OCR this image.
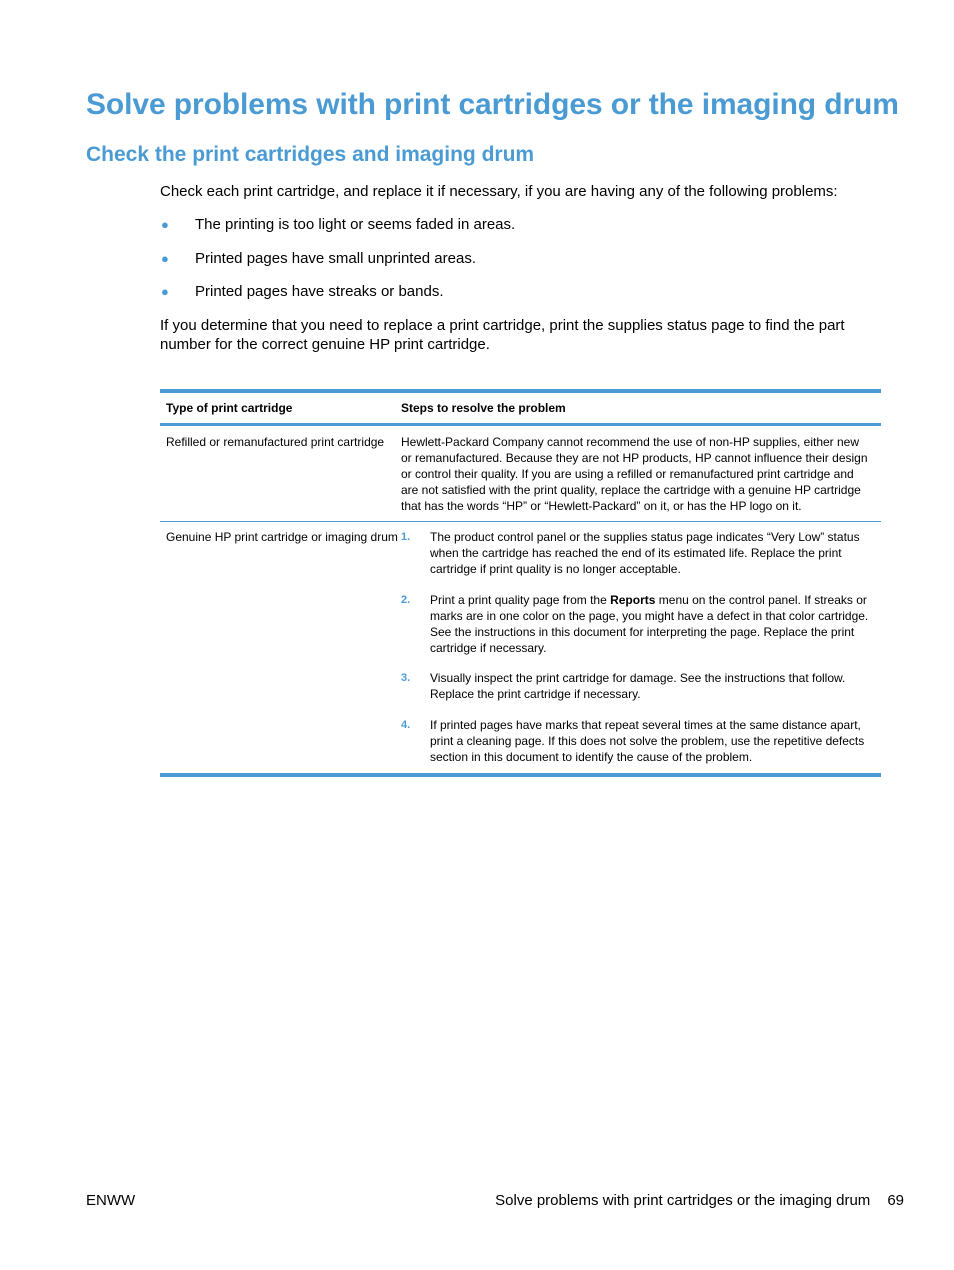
Solve problems with print cartridges or the imaging drum
Check the print cartridges and imaging drum

Check each print cartridge, and replace it if necessary, if you are having any of the following problems:

● The printing is too light or seems faded in areas.
● Printed pages have small unprinted areas.
● Printed pages have streaks or bands.

If you determine that you need to replace a print cartridge, print the supplies status page to find the part number for the correct genuine HP print cartridge.

Type of print cartridge	Steps to resolve the problem
Refilled or remanufactured print cartridge	Hewlett-Packard Company cannot recommend the use of non-HP supplies, either new or remanufactured. Because they are not HP products, HP cannot influence their design or control their quality. If you are using a refilled or remanufactured print cartridge and are not satisfied with the print quality, replace the cartridge with a genuine HP cartridge that has the words “HP” or “Hewlett-Packard” on it, or has the HP logo on it.
Genuine HP print cartridge or imaging drum 1. The product control panel or the supplies status page indicates “Very Low” status when the cartridge has reached the end of its estimated life. Replace the print cartridge if print quality is no longer acceptable.
2. Print a print quality page from the Reports menu on the control panel. If streaks or marks are in one color on the page, you might have a defect in that color cartridge. See the instructions in this document for interpreting the page. Replace the print cartridge if necessary.
3. Visually inspect the print cartridge for damage. See the instructions that follow. Replace the print cartridge if necessary.
4. If printed pages have marks that repeat several times at the same distance apart, print a cleaning page. If this does not solve the problem, use the repetitive defects section in this document to identify the cause of the problem.
ENWW	Solve problems with print cartridges or the imaging drum 69
